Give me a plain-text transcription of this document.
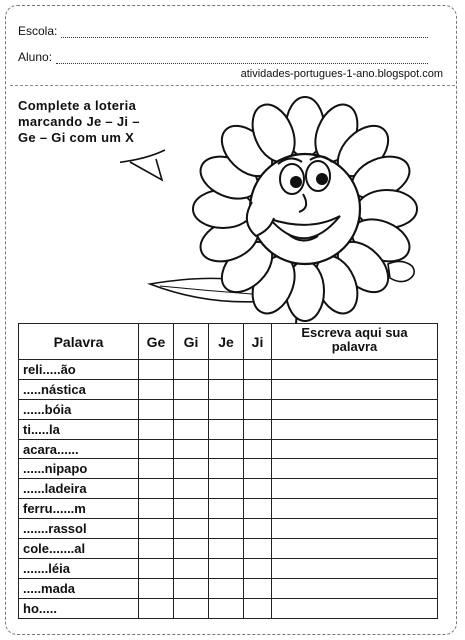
Escola:
Aluno:
atividades-portugues-1-ano.blogspot.com
Complete a loteria
marcando Je – Ji –
Ge – Gi com um X
Palavra	Ge	Gi	Je	Ji	Escreva aqui sua
palavra

reli.....ão					
.....nástica					
......bóia					
ti.....la					
acara......					
......nipapo					
......ladeira					
ferru......m					
.......rassol					
cole.......al					
.......léia					
.....mada					
ho.....					
